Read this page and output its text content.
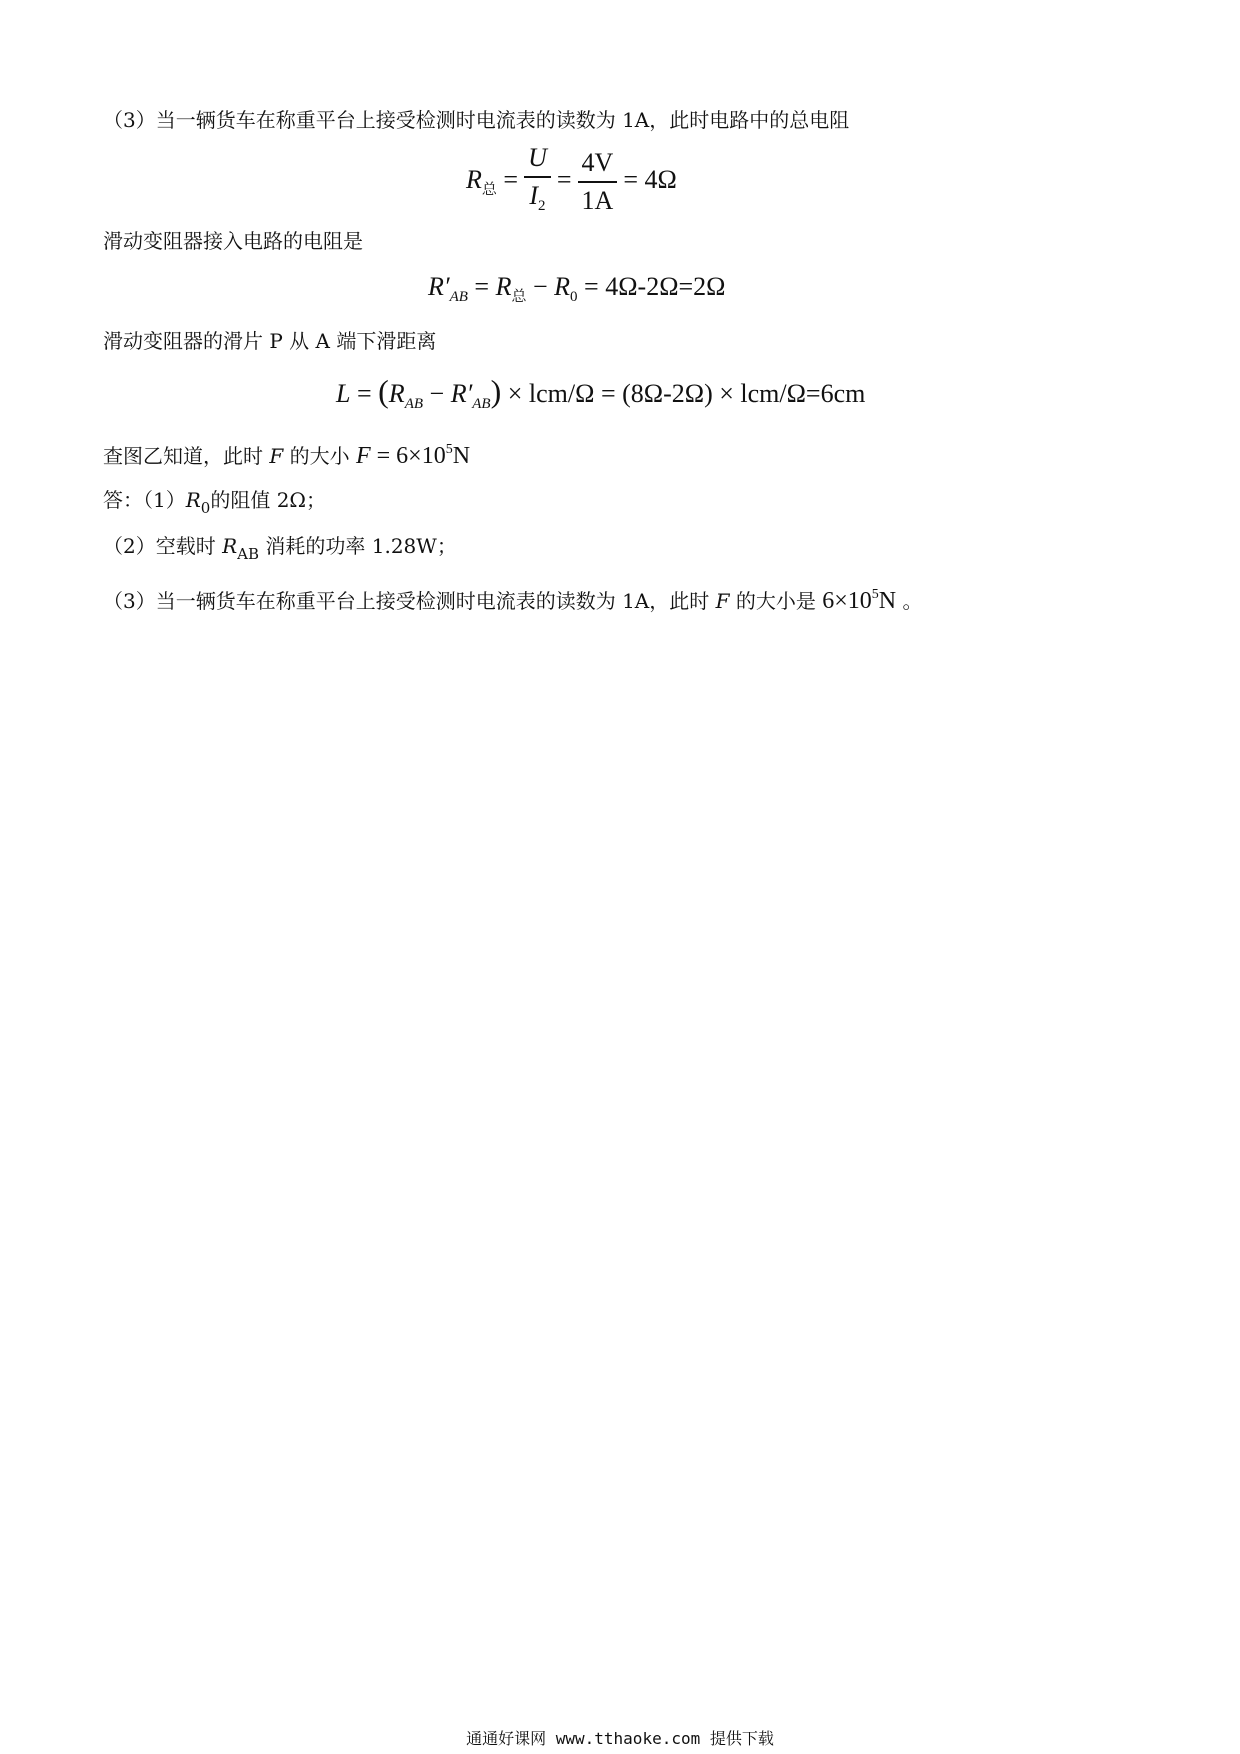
（3）当一辆货车在称重平台上接受检测时电流表的读数为 1A，此时电路中的总电阻
$R_总 = \frac{U}{I_2} = \frac{4V}{1A} = 4\Omega$
滑动变阻器接入电路的电阻是
$R'_{AB} = R_总 - R_0 = 4\Omega-2\Omega=2\Omega$
滑动变阻器的滑片 P 从 A 端下滑距离
$L = (R_{AB} - R'_{AB}) \times lcm/\Omega = (8\Omega-2\Omega) \times lcm/\Omega=6cm$
查图乙知道，此时 F 的大小 $F = 6\times 10^5N$
答：$(1)R_0$的阻值 2Ω；
（2）空载时 $R_{AB}$ 消耗的功率 1.28W；
（3）当一辆货车在称重平台上接受检测时电流表的读数为 1A，此时 F 的大小是 $6\times 10^5N$ 。
通通好课网 www.tthaoke.com 提供下载
